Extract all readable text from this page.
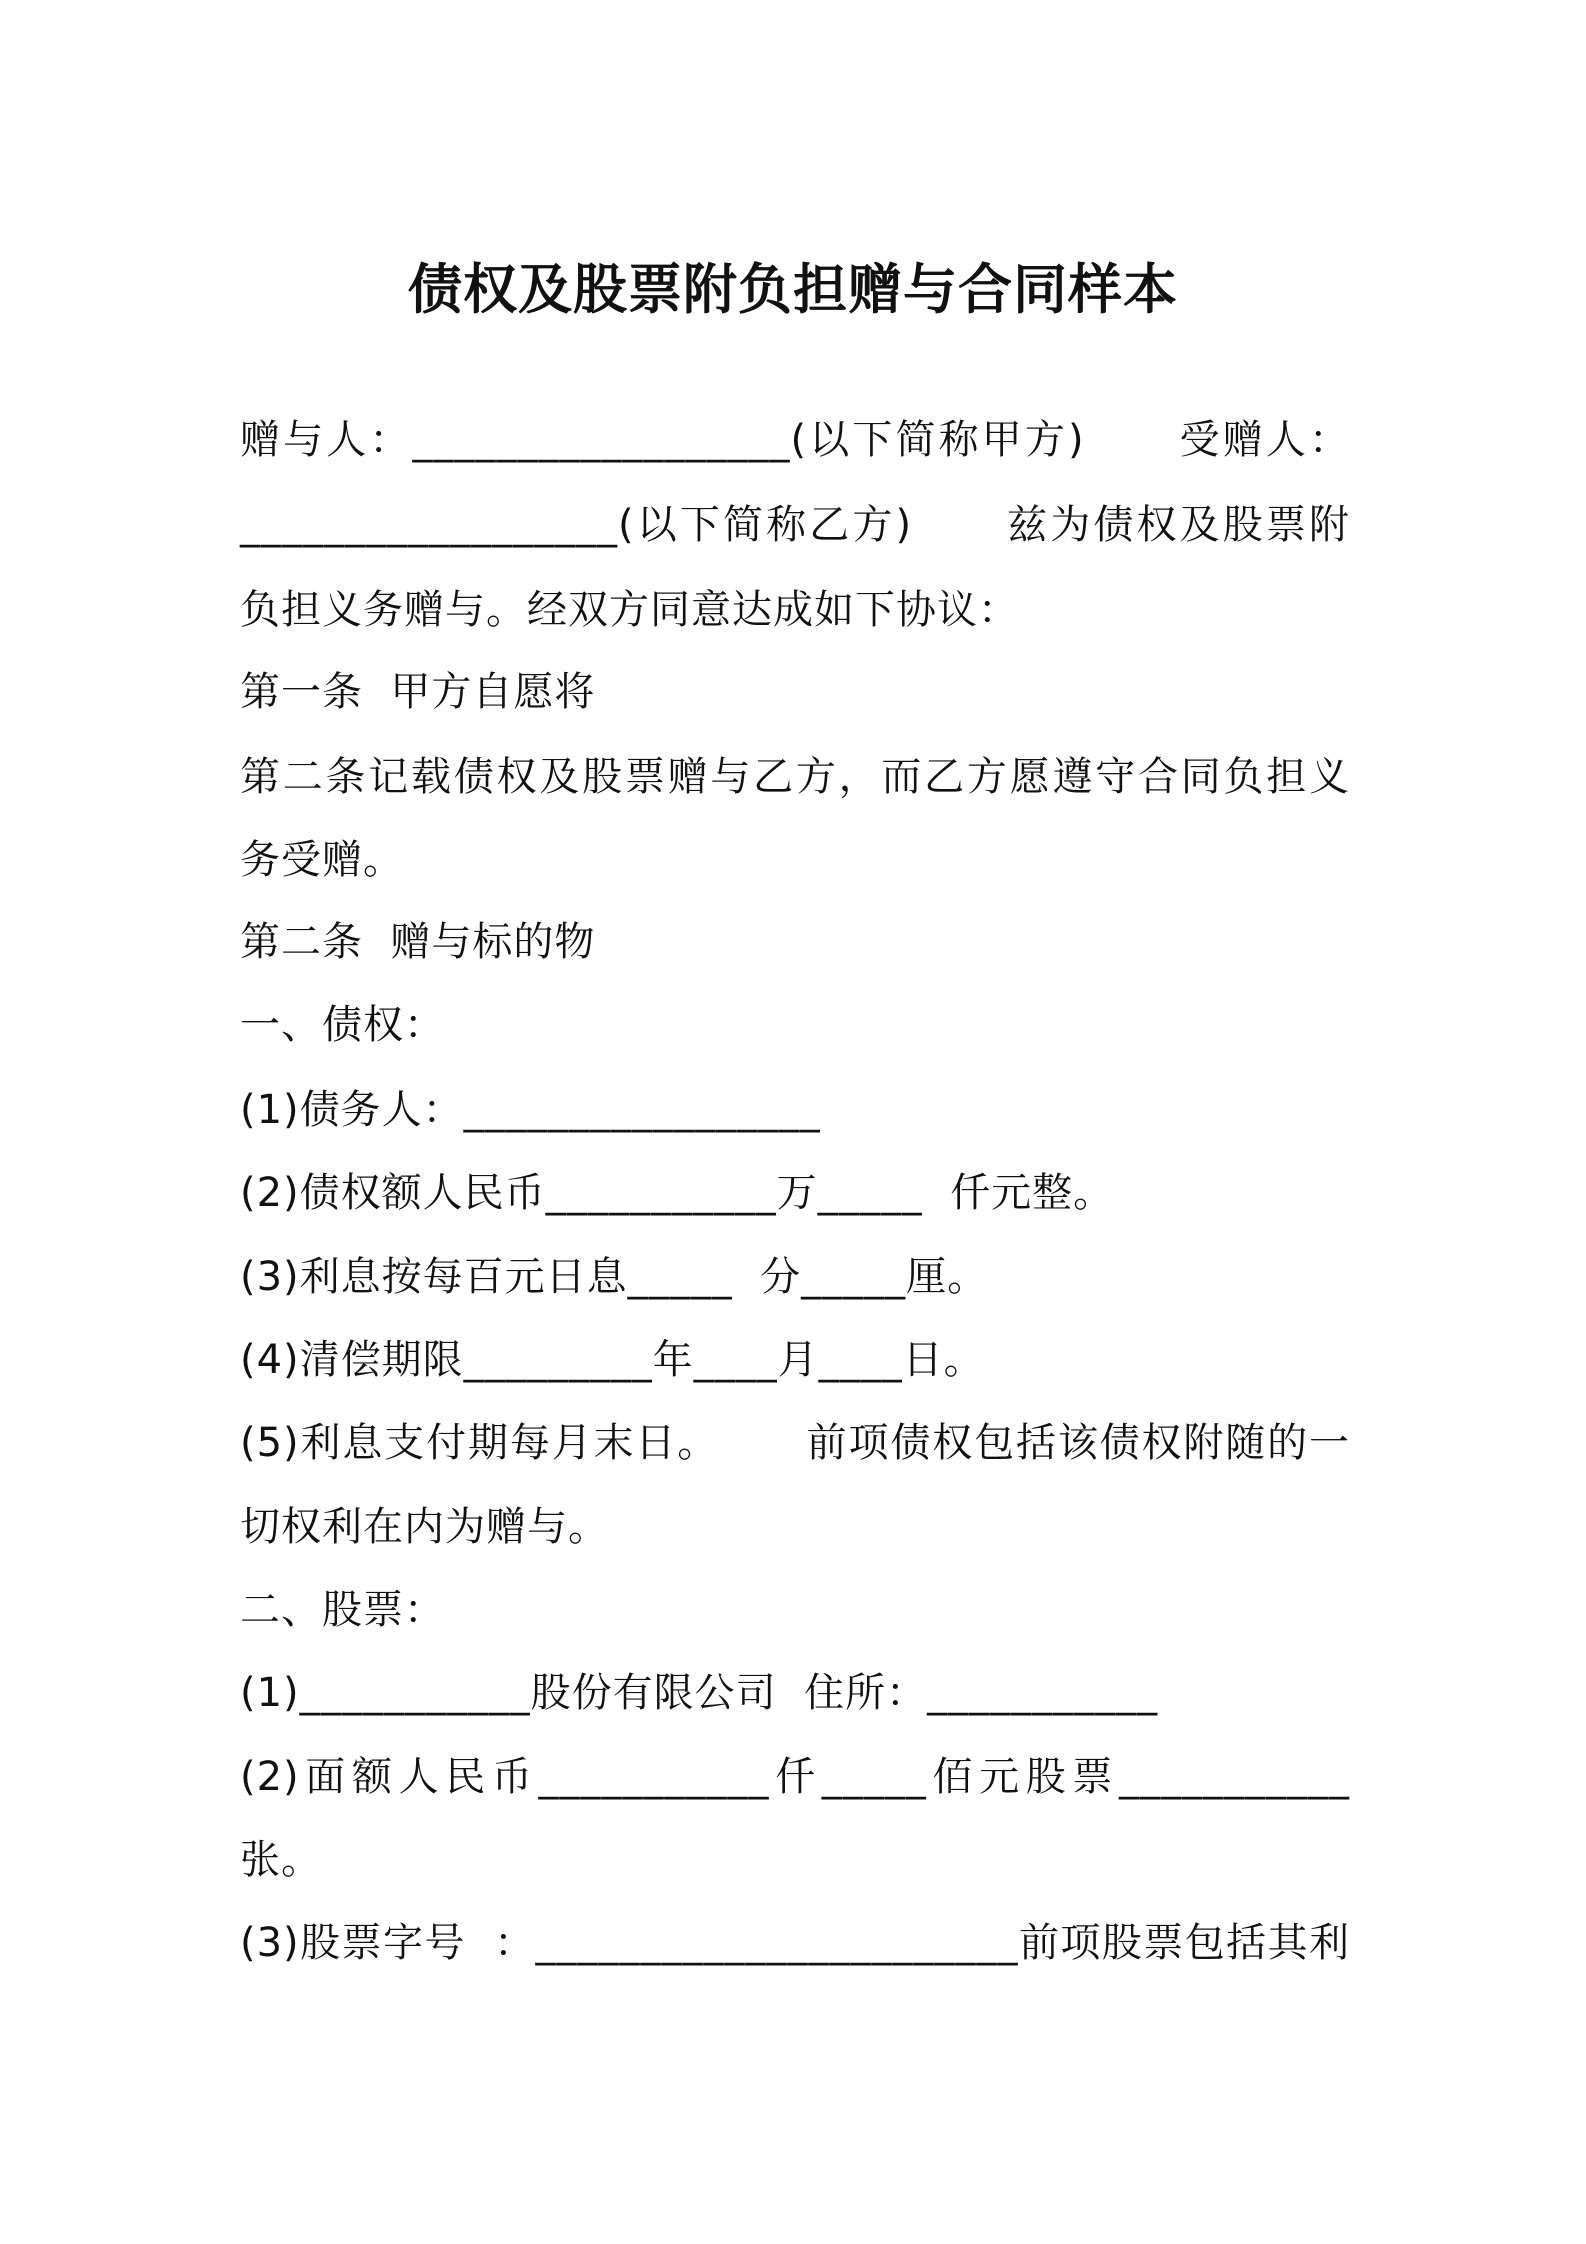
债权及股票附负担赠与合同样本
赠与人：__________________(以下简称甲方)      受赠人：
__________________(以下简称乙方)      兹为债权及股票附
负担义务赠与。经双方同意达成如下协议：
第一条  甲方自愿将
第二条记载债权及股票赠与乙方，而乙方愿遵守合同负担义
务受赠。
第二条  赠与标的物
一、债权：
(1)债务人：_________________
(2)债权额人民币___________万_____  仟元整。
(3)利息按每百元日息_____  分_____厘。
(4)清偿期限_________年____月____日。
(5)利息支付期每月末日。      前项债权包括该债权附随的一
切权利在内为赠与。
二、股票：
(1)___________股份有限公司  住所：___________
(2)面额人民币___________仟_____佰元股票___________
张。
(3)股票字号  ：_______________________前项股票包括其利
